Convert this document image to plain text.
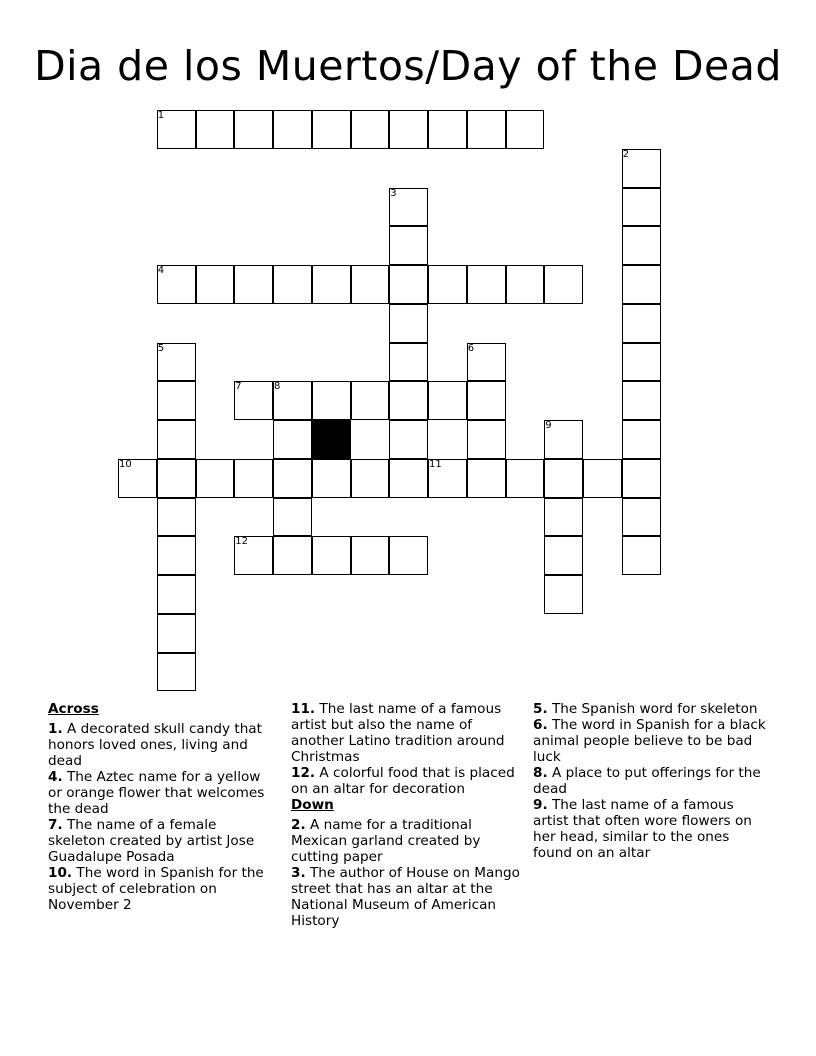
Dia de los Muertos/Day of the Dead
1
2
3
4
5	6
7	8
9
10	11
12
Across
1. A decorated skull candy that honors loved ones, living and dead
4. The Aztec name for a yellow or orange flower that welcomes the dead
7. The name of a female skeleton created by artist Jose Guadalupe Posada
10. The word in Spanish for the subject of celebration on November 2
11. The last name of a famous artist but also the name of another Latino tradition around Christmas
12. A colorful food that is placed on an altar for decoration
Down
2. A name for a traditional Mexican garland created by cutting paper
3. The author of House on Mango street that has an altar at the National Museum of American History
5. The Spanish word for skeleton
6. The word in Spanish for a black animal people believe to be bad luck
8. A place to put offerings for the dead
9. The last name of a famous artist that often wore flowers on her head, similar to the ones found on an altar
